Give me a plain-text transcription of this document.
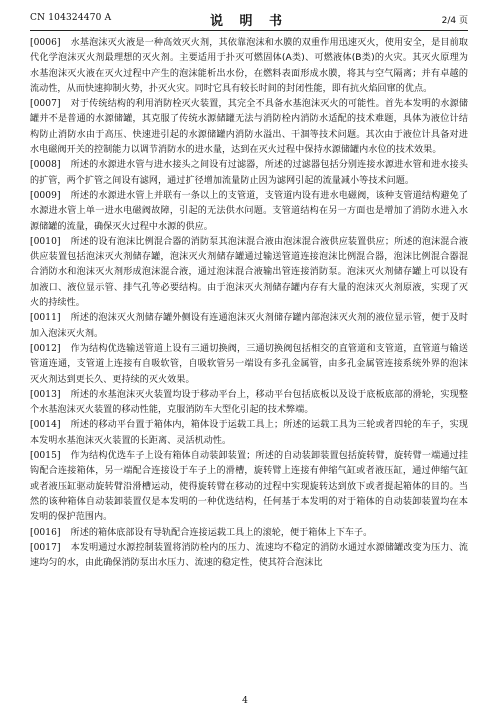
CN 104324470 A	说 明 书	2/4 页

[0006] 水基泡沫灭火液是一种高效灭火剂，其依靠泡沫和水膜的双重作用迅速灭火，使用安全，是目前取代化学泡沫灭火剂最理想的灭火剂。主要适用于扑灭可燃固体(A类)、可燃液体(B类)的火灾。其灭火原理为水基泡沫灭火液在灭火过程中产生的泡沫能析出水份，在燃料表面形成水膜，将其与空气隔离；并有卓越的流动性，从而快速抑制火势，扑灭火灾。同时它具有较长时间的封闭性能，即有抗火焰回窜的优点。

[0007] 对于传统结构的利用消防栓灭火装置，其完全不具备水基泡沫灭火的可能性。首先本发明的水源储罐并不是普通的水源储罐，其克服了传统水源储罐无法与消防栓内消防水适配的技术难题，具体为液位计结构防止消防水由于高压、快速进引起的水源储罐内消防水溢出、干涸等技术问题。其次由于液位计具备对进水电磁阀开关的控制能力以调节消防水的进水量，达到在灭火过程中保持水源储罐内水位的技术效果。

[0008] 所述的水源进水管与进水接头之间设有过滤器，所述的过滤器包括分别连接水源进水管和进水接头的扩管，两个扩管之间设有滤网，通过扩径增加流量防止因为滤网引起的流量减小等技术问题。

[0009] 所述的水源进水管上并联有一条以上的支管道，支管道内设有进水电磁阀，该种支管道结构避免了水源进水管上单一进水电磁阀故障，引起的无法供水问题。支管道结构在另一方面也是增加了消防水进入水源储罐的流量，确保灭火过程中水源的供应。

[0010] 所述的设有泡沫比例混合器的消防泵其泡沫混合液由泡沫混合液供应装置供应；所述的泡沫混合液供应装置包括泡沫灭火剂储存罐，泡沫灭火剂储存罐通过输送管道连接泡沫比例混合器，泡沫比例混合器混合消防水和泡沫灭火剂形成泡沫混合液，通过泡沫混合液输出管连接消防泵。泡沫灭火剂储存罐上可以设有加液口、液位显示管、排气孔等必要结构。由于泡沫灭火剂储存罐内存有大量的泡沫灭火剂原液，实现了灭火的持续性。

[0011] 所述的泡沫灭火剂储存罐外侧设有连通泡沫灭火剂储存罐内部泡沫灭火剂的液位显示管，便于及时加入泡沫灭火剂。

[0012] 作为结构优选输送管道上设有三通切换阀，三通切换阀包括相交的直管道和支管道，直管道与输送管道连通，支管道上连接有自吸软管，自吸软管另一端设有多孔金属管，由多孔金属管连接系统外界的泡沫灭火剂达到更长久、更持续的灭火效果。

[0013] 所述的水基泡沫灭火装置均设于移动平台上，移动平台包括底板以及设于底板底部的滑轮，实现整个水基泡沫灭火装置的移动性能，克服消防车大型化引起的技术弊端。

[0014] 所述的移动平台置于箱体内，箱体设于运载工具上；所述的运载工具为三轮或者四轮的车子，实现本发明水基泡沫灭火装置的长距离、灵活机动性。

[0015] 作为结构优选车子上设有箱体自动装卸装置；所述的自动装卸装置包括旋转臂，旋转臂一端通过挂钩配合连接箱体，另一端配合连接设于车子上的滑槽，旋转臂上连接有伸缩气缸或者液压缸，通过伸缩气缸或者液压缸驱动旋转臂沿滑槽运动，使得旋转臂在移动的过程中实现旋转达到放下或者提起箱体的目的。当然的该种箱体自动装卸装置仅是本发明的一种优选结构，任何基于本发明的对于箱体的自动装卸装置均在本发明的保护范围内。

[0016] 所述的箱体底部设有导轨配合连接运载工具上的滚轮，便于箱体上下车子。

[0017] 本发明通过水源控制装置将消防栓内的压力、流速均不稳定的消防水通过水源储罐改变为压力、流速均匀的水，由此确保消防泵出水压力、流速的稳定性，使其符合泡沫比

4
